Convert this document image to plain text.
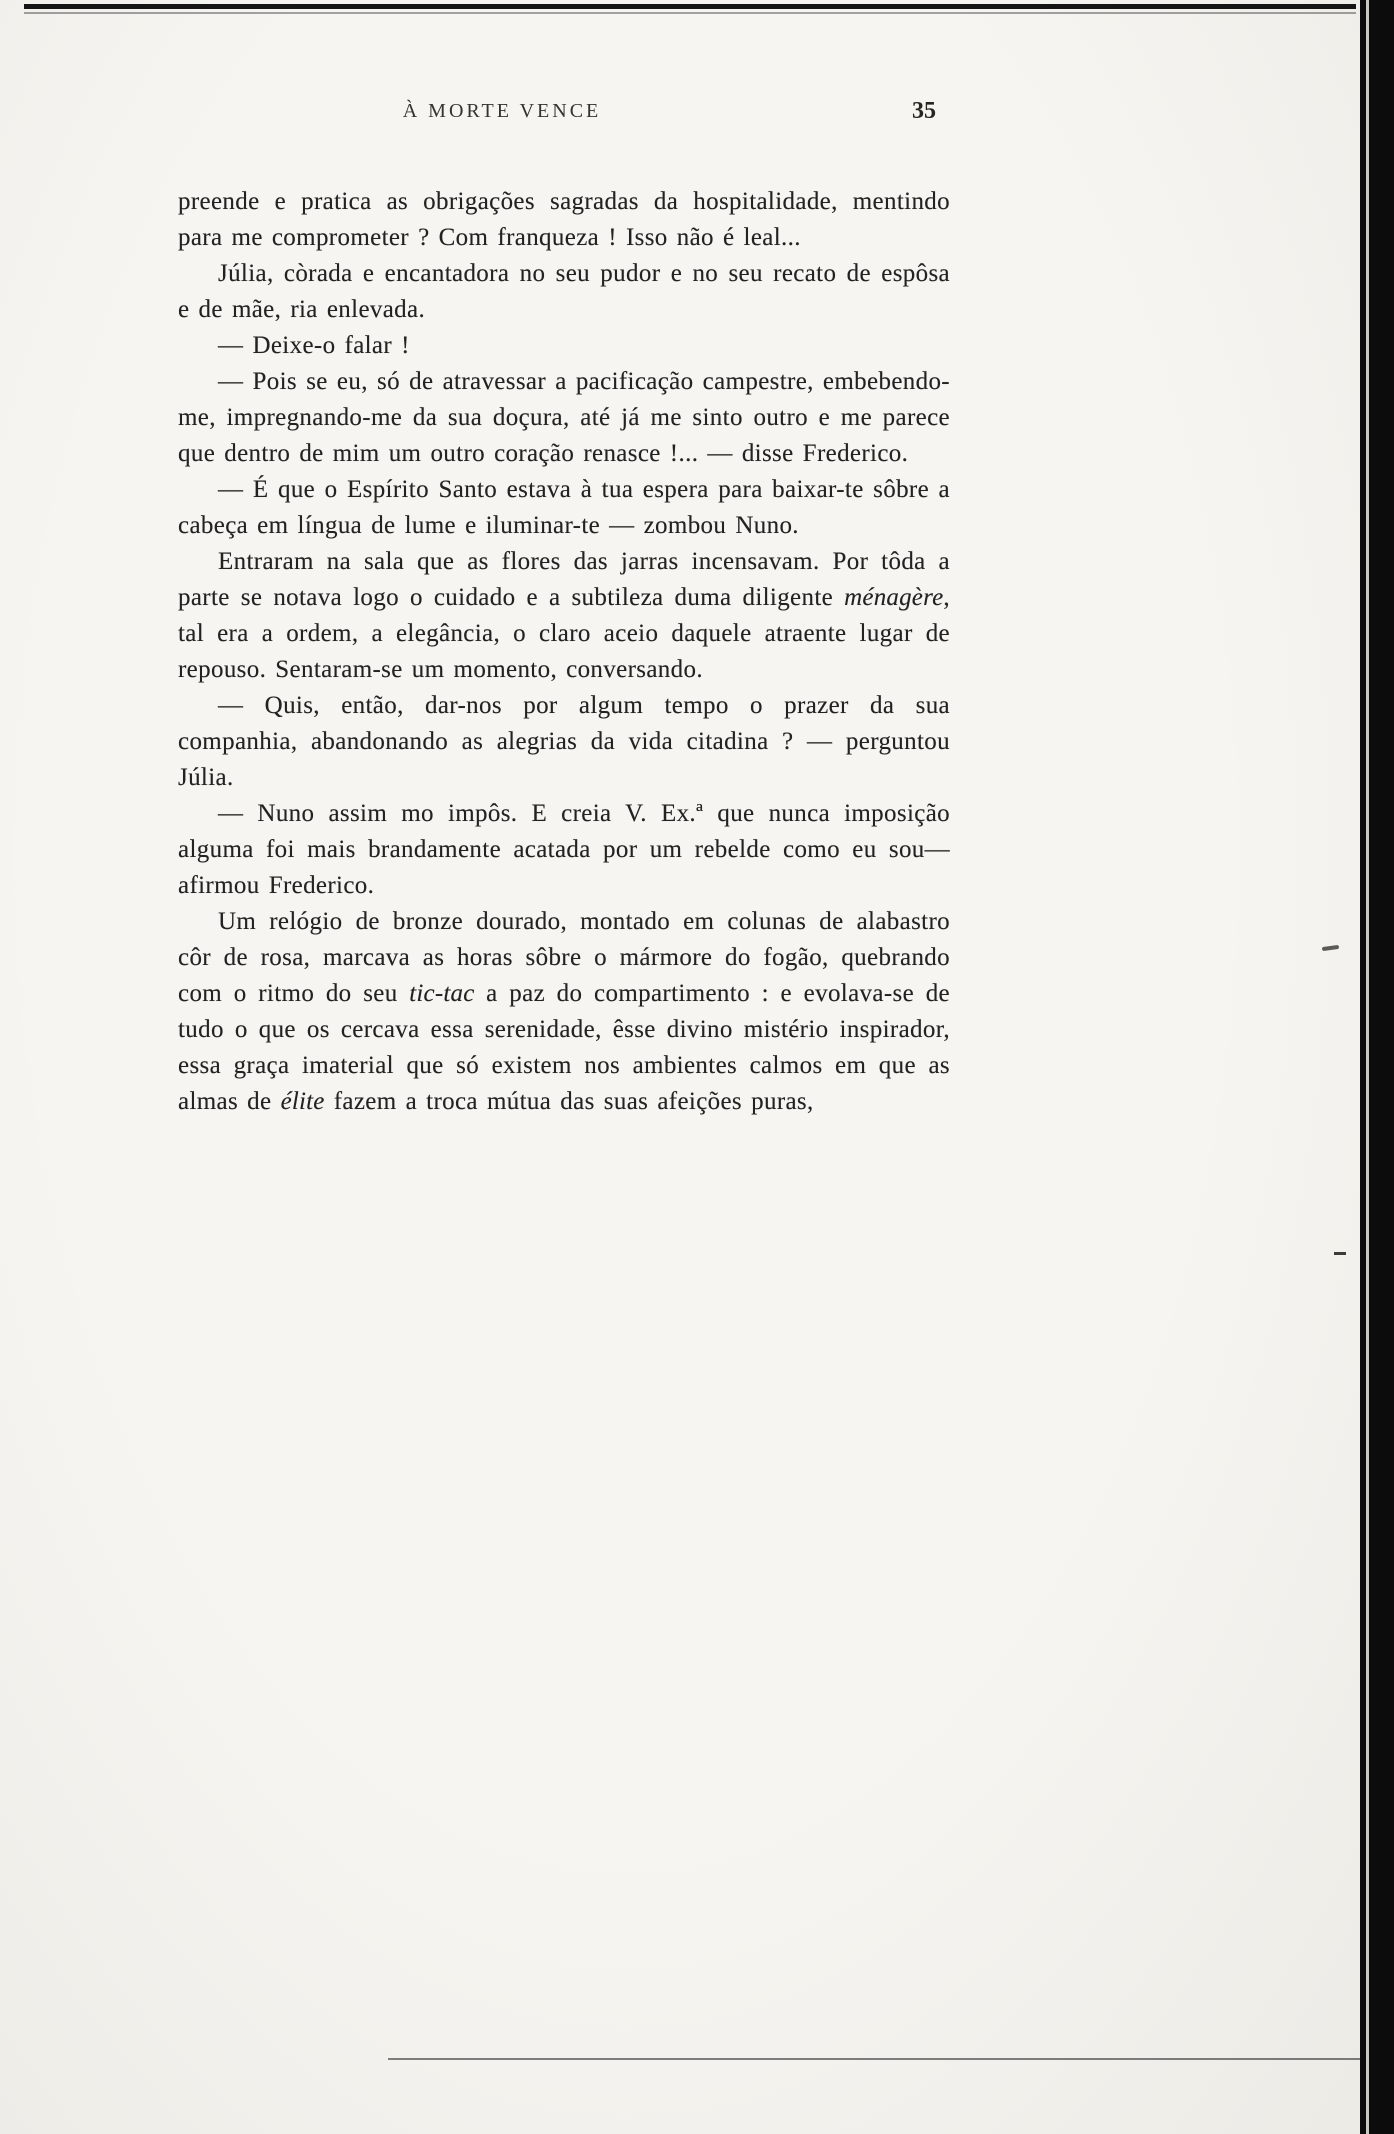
À MORTE VENCE	35

preende e pratica as obrigações sagradas da hospitalidade, mentindo para me comprometer ? Com franqueza ! Isso não é leal...

Júlia, còrada e encantadora no seu pudor e no seu recato de espôsa e de mãe, ria enlevada.

— Deixe-o falar !

— Pois se eu, só de atravessar a pacificação campestre, embebendo-me, impregnando-me da sua doçura, até já me sinto outro e me parece que dentro de mim um outro coração renasce !... — disse Frederico.

— É que o Espírito Santo estava à tua espera para baixar-te sôbre a cabeça em língua de lume e iluminar-te — zombou Nuno.

Entraram na sala que as flores das jarras incensavam. Por tôda a parte se notava logo o cuidado e a subtileza duma diligente ménagère, tal era a ordem, a elegância, o claro aceio daquele atraente lugar de repouso. Sentaram-se um momento, conversando.

— Quis, então, dar-nos por algum tempo o prazer da sua companhia, abandonando as alegrias da vida citadina ? — perguntou Júlia.

— Nuno assim mo impôs. E creia V. Ex.ª que nunca imposição alguma foi mais brandamente acatada por um rebelde como eu sou—afirmou Frederico.

Um relógio de bronze dourado, montado em colunas de alabastro côr de rosa, marcava as horas sôbre o mármore do fogão, quebrando com o ritmo do seu tic-tac a paz do compartimento : e evolava-se de tudo o que os cercava essa serenidade, êsse divino mistério inspirador, essa graça imaterial que só existem nos ambientes calmos em que as almas de élite fazem a troca mútua das suas afeições puras,
